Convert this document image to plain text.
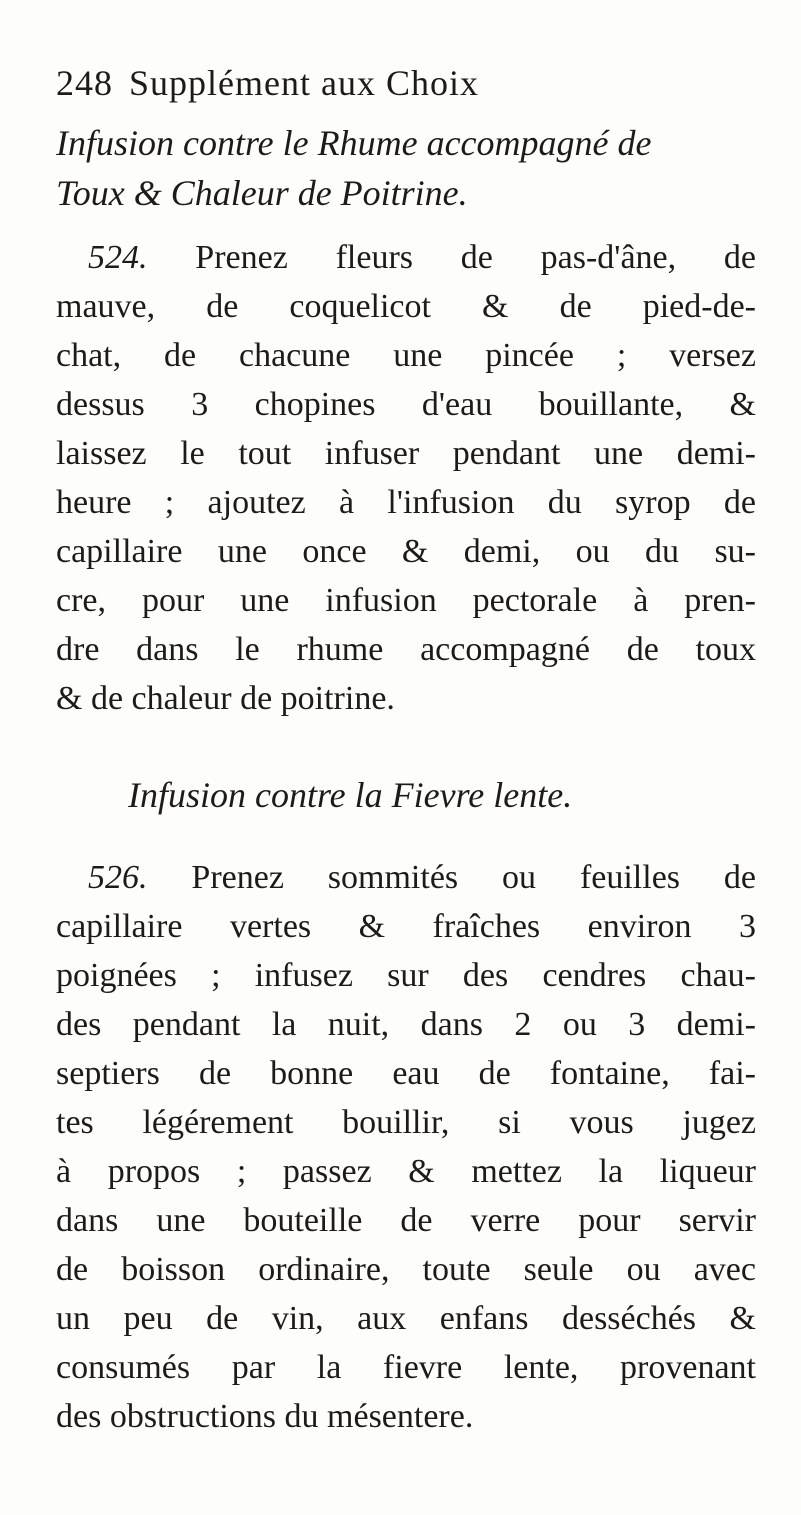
248 Supplément aux Choix
Infusion contre le Rhume accompagné de
Toux & Chaleur de Poitrine.
524. Prenez fleurs de pas-d'âne, de
mauve, de coquelicot & de pied-de-
chat, de chacune une pincée ; versez
dessus 3 chopines d'eau bouillante, &
laissez le tout infuser pendant une demi-
heure ; ajoutez à l'infusion du syrop de
capillaire une once & demi, ou du su-
cre, pour une infusion pectorale à pren-
dre dans le rhume accompagné de toux
& de chaleur de poitrine.
Infusion contre la Fievre lente.
526. Prenez sommités ou feuilles de
capillaire vertes & fraîches environ 3
poignées ; infusez sur des cendres chau-
des pendant la nuit, dans 2 ou 3 demi-
septiers de bonne eau de fontaine, fai-
tes légérement bouillir, si vous jugez
à propos ; passez & mettez la liqueur
dans une bouteille de verre pour servir
de boisson ordinaire, toute seule ou avec
un peu de vin, aux enfans desséchés &
consumés par la fievre lente, provenant
des obstructions du mésentere.
